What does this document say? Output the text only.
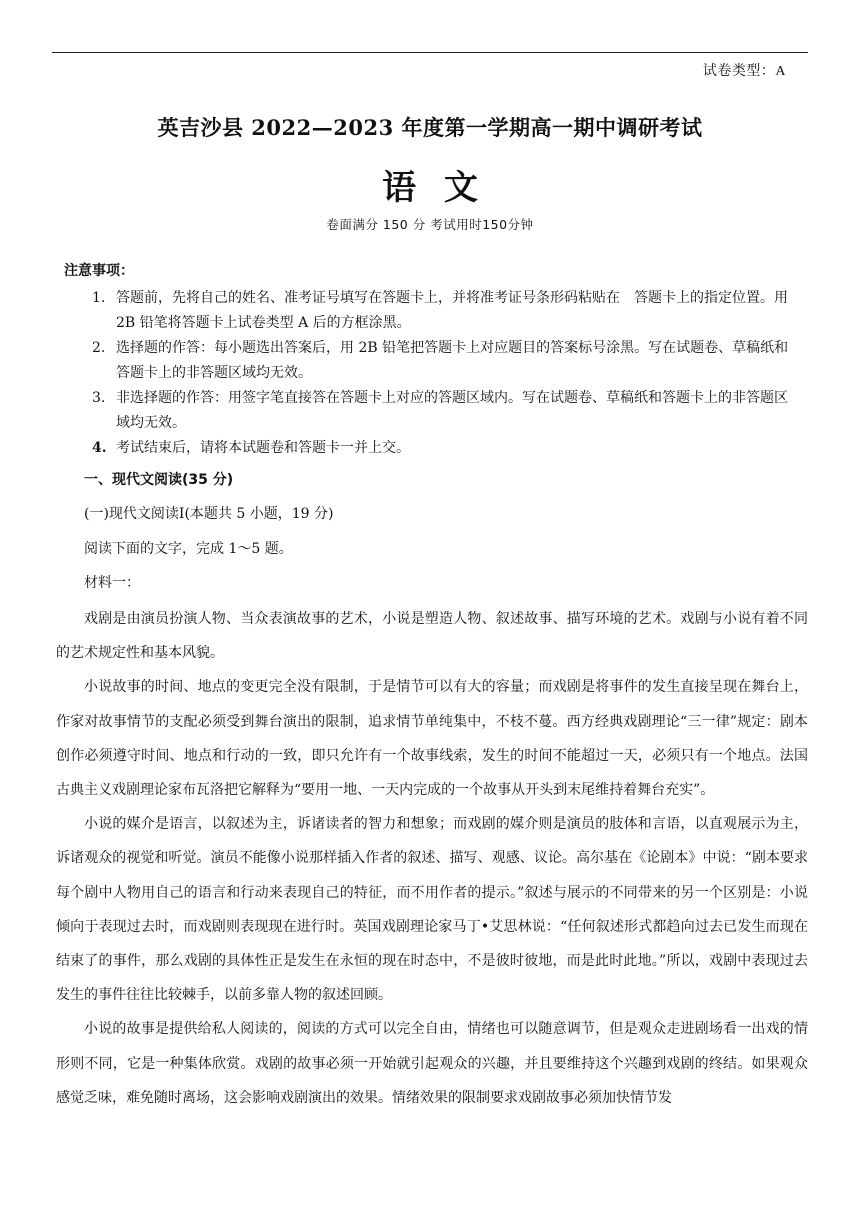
试卷类型：A
英吉沙县 2022—2023 年度第一学期高一期中调研考试
语 文
卷面满分 150 分 考试用时150分钟
注意事项：
1. 答题前，先将自己的姓名、准考证号填写在答题卡上，并将准考证号条形码粘贴在　答题卡上的指定位置。用 2B 铅笔将答题卡上试卷类型 A 后的方框涂黑。
2. 选择题的作答：每小题选出答案后，用 2B 铅笔把答题卡上对应题目的答案标号涂黑。写在试题卷、草稿纸和答题卡上的非答题区域均无效。
3. 非选择题的作答：用签字笔直接答在答题卡上对应的答题区域内。写在试题卷、草稿纸和答题卡上的非答题区域均无效。
4. 考试结束后，请将本试题卷和答题卡一并上交。
一、现代文阅读(35 分)
(一)现代文阅读Ⅰ(本题共 5 小题，19 分)
阅读下面的文字，完成 1～5 题。
材料一：

戏剧是由演员扮演人物、当众表演故事的艺术，小说是塑造人物、叙述故事、描写环境的艺术。戏剧与小说有着不同的艺术规定性和基本风貌。

小说故事的时间、地点的变更完全没有限制，于是情节可以有大的容量；而戏剧是将事件的发生直接呈现在舞台上，作家对故事情节的支配必须受到舞台演出的限制，追求情节单纯集中，不枝不蔓。西方经典戏剧理论“三一律”规定：剧本创作必须遵守时间、地点和行动的一致，即只允许有一个故事线索，发生的时间不能超过一天，必须只有一个地点。法国古典主义戏剧理论家布瓦洛把它解释为“要用一地、一天内完成的一个故事从开头到末尾维持着舞台充实”。

小说的媒介是语言，以叙述为主，诉诸读者的智力和想象；而戏剧的媒介则是演员的肢体和言语，以直观展示为主，诉诸观众的视觉和听觉。演员不能像小说那样插入作者的叙述、描写、观感、议论。高尔基在《论剧本》中说：“剧本要求每个剧中人物用自己的语言和行动来表现自己的特征，而不用作者的提示。”叙述与展示的不同带来的另一个区别是：小说倾向于表现过去时，而戏剧则表现现在进行时。英国戏剧理论家马丁•艾思林说：“任何叙述形式都趋向过去已发生而现在结束了的事件，那么戏剧的具体性正是发生在永恒的现在时态中，不是彼时彼地，而是此时此地。”所以，戏剧中表现过去发生的事件往往比较棘手，以前多靠人物的叙述回顾。

小说的故事是提供给私人阅读的，阅读的方式可以完全自由，情绪也可以随意调节，但是观众走进剧场看一出戏的情形则不同，它是一种集体欣赏。戏剧的故事必须一开始就引起观众的兴趣，并且要维持这个兴趣到戏剧的终结。如果观众感觉乏味，难免随时离场，这会影响戏剧演出的效果。情绪效果的限制要求戏剧故事必须加快情节发
